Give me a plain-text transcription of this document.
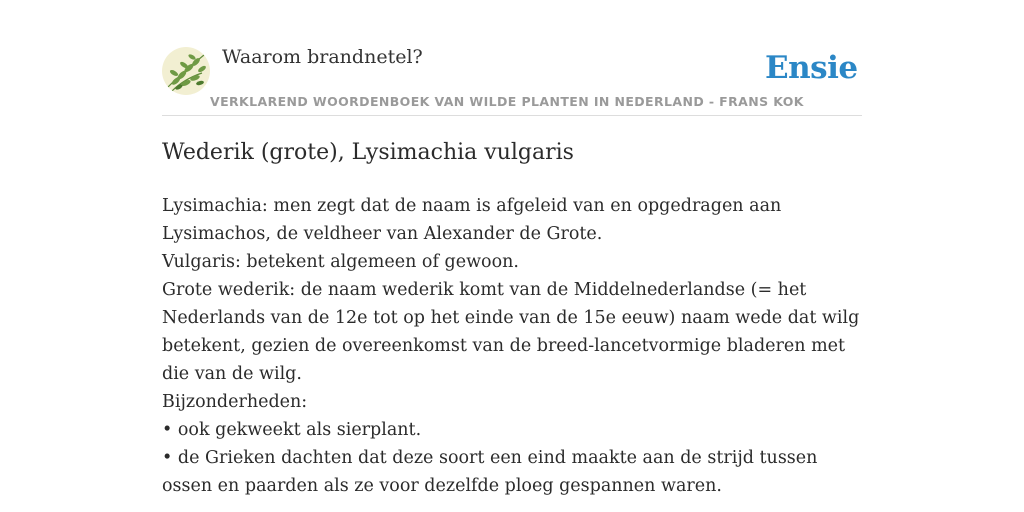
Waarom brandnetel?	Ensie
VERKLAREND WOORDENBOEK VAN WILDE PLANTEN IN NEDERLAND - FRANS KOK
Wederik (grote), Lysimachia vulgaris
Lysimachia: men zegt dat de naam is afgeleid van en opgedragen aan Lysimachos, de veldheer van Alexander de Grote.
Vulgaris: betekent algemeen of gewoon.
Grote wederik: de naam wederik komt van de Middelnederlandse (= het Nederlands van de 12e tot op het einde van de 15e eeuw) naam wede dat wilg betekent, gezien de overeenkomst van de breed-lancetvormige bladeren met die van de wilg.
Bijzonderheden:
• ook gekweekt als sierplant.
• de Grieken dachten dat deze soort een eind maakte aan de strijd tussen ossen en paarden als ze voor dezelfde ploeg gespannen waren.
